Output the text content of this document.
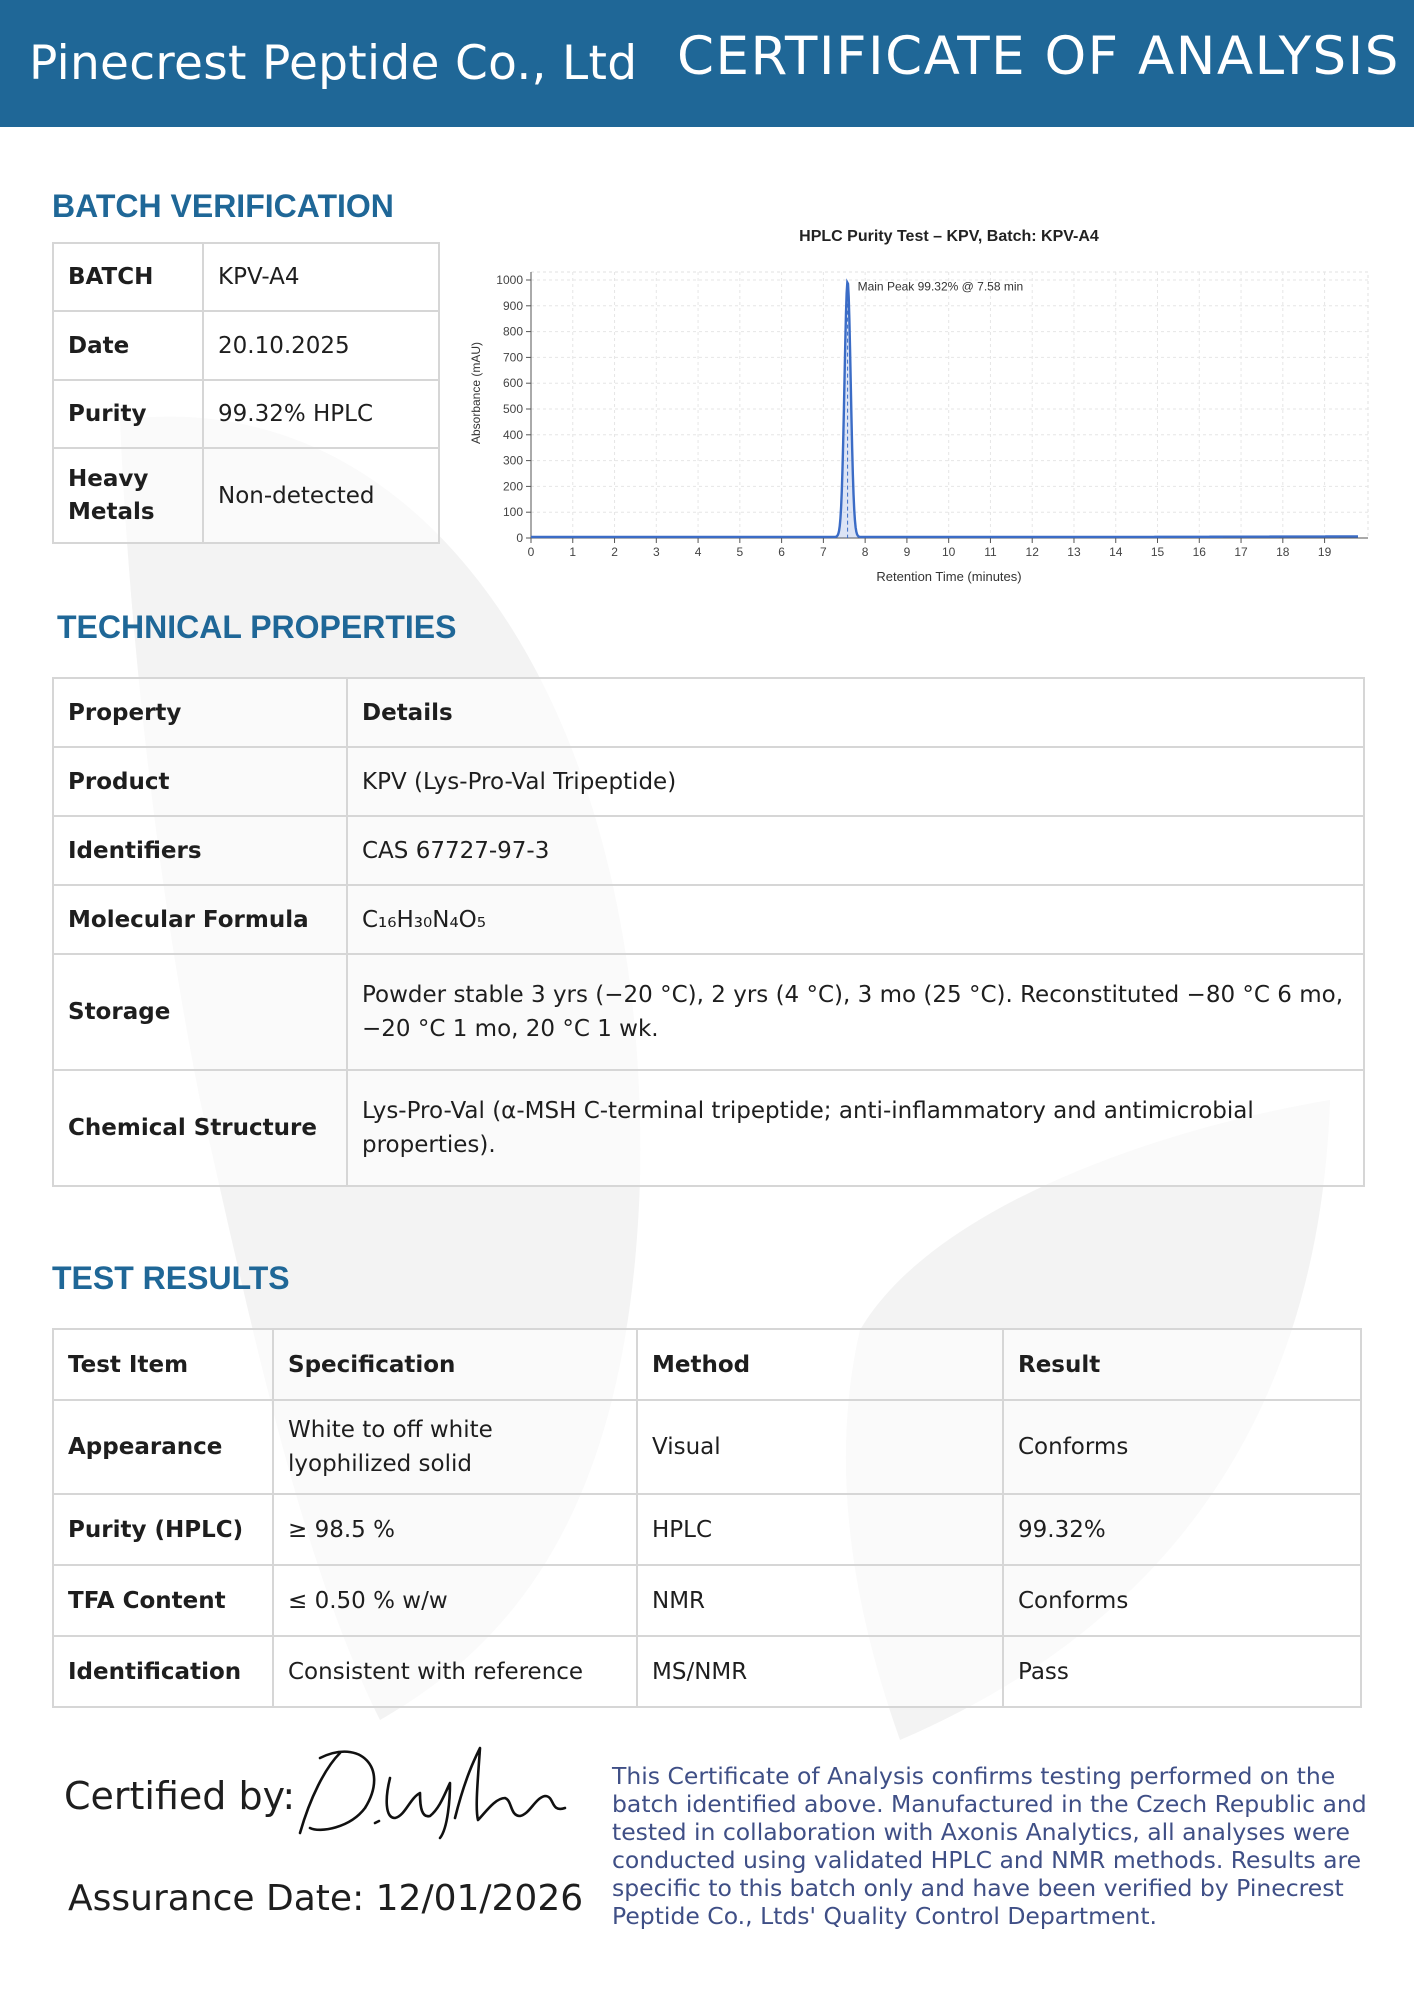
Pinecrest Peptide Co., Ltd CERTIFICATE OF ANALYSIS
BATCH VERIFICATION
BATCH	KPV-A4
Date	20.10.2025
Purity	99.32% HPLC
Heavy Metals	Non-detected
HPLC Purity Test – KPV, Batch: KPV-A4
0	1	2	3	4	5	6	7	8	9	10 11 12 13 14 15 16 17 18 19
0
100
200
300
400
500
600
700
800
900
1000	Main Peak 99.32% @ 7.58 min
Retention Time (minutes)
Absorbance (mAU)
TECHNICAL PROPERTIES
Property	Details
Product	KPV (Lys-Pro-Val Tripeptide)
Identifiers	CAS 67727-97-3
Molecular Formula	C₁₆H₃₀N₄O₅
Storage	Powder stable 3 yrs (−20 °C), 2 yrs (4 °C), 3 mo (25 °C). Reconstituted −80 °C 6 mo, −20 °C 1 mo, 20 °C 1 wk.
Chemical Structure	Lys-Pro-Val (α-MSH C-terminal tripeptide; anti-inflammatory and antimicrobial properties).
TEST RESULTS
Test Item	Specification	Method	Result
Appearance	White to off white lyophilized solid	Visual	Conforms
Purity (HPLC)	≥ 98.5 %	HPLC	99.32%
TFA Content	≤ 0.50 % w/w	NMR	Conforms
Identification	Consistent with reference	MS/NMR	Pass
Certified by:
Assurance Date: 12/01/2026
This Certificate of Analysis confirms testing performed on the batch identified above. Manufactured in the Czech Republic and tested in collaboration with Axonis Analytics, all analyses were conducted using validated HPLC and NMR methods. Results are specific to this batch only and have been verified by Pinecrest Peptide Co., Ltds' Quality Control Department.
